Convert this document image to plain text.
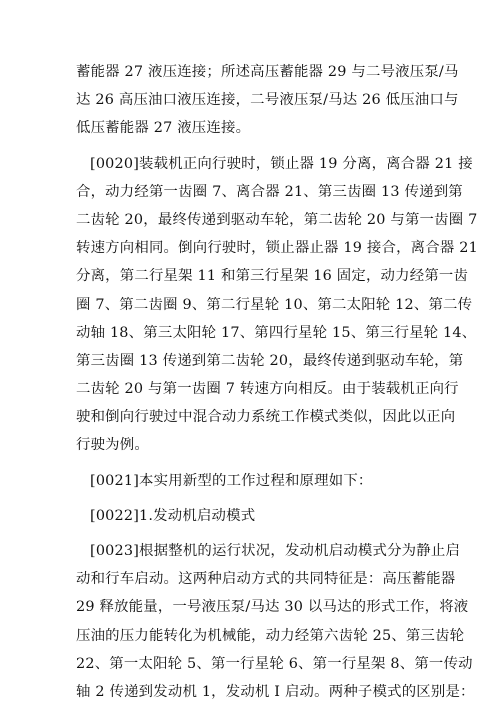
蓄能器 27 液压连接；所述高压蓄能器 29 与二号液压泵/马
达 26 高压油口液压连接，二号液压泵/马达 26 低压油口与
低压蓄能器 27 液压连接。
[0020]装载机正向行驶时，锁止器 19 分离，离合器 21 接
合，动力经第一齿圈 7、离合器 21、第三齿圈 13 传递到第
二齿轮 20，最终传递到驱动车轮，第二齿轮 20 与第一齿圈 7
转速方向相同。倒向行驶时，锁止器止器 19 接合，离合器 21
分离，第二行星架 11 和第三行星架 16 固定，动力经第一齿
圈 7、第二齿圈 9、第二行星轮 10、第二太阳轮 12、第二传
动轴 18、第三太阳轮 17、第四行星轮 15、第三行星轮 14、
第三齿圈 13 传递到第二齿轮 20，最终传递到驱动车轮，第
二齿轮 20 与第一齿圈 7 转速方向相反。由于装载机正向行
驶和倒向行驶过中混合动力系统工作模式类似，因此以正向
行驶为例。
[0021]本实用新型的工作过程和原理如下：
[0022]1.发动机启动模式
[0023]根据整机的运行状况，发动机启动模式分为静止启
动和行车启动。这两种启动方式的共同特征是：高压蓄能器
29 释放能量，一号液压泵/马达 30 以马达的形式工作，将液
压油的压力能转化为机械能，动力经第六齿轮 25、第三齿轮
22、第一太阳轮 5、第一行星轮 6、第一行星架 8、第一传动
轴 2 传递到发动机 1，发动机 I 启动。两种子模式的区别是：
